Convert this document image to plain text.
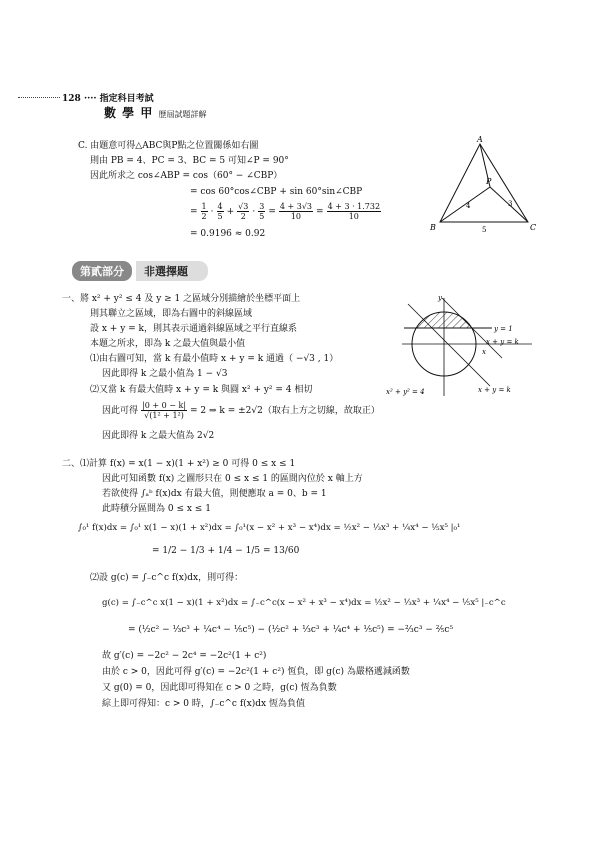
128 ···· 指定科目考試
數 學 甲 歷屆試題詳解
C. 由題意可得△ABC與P點之位置關係如右圖
則由 PB = 4、PC = 3、BC = 5 可知∠P = 90°
因此所求之 cos∠ABP = cos（60° − ∠CBP）
= cos 60°cos∠CBP + sin 60°sin∠CBP
= $\frac{1}{2} \cdot \frac{4}{5} + \frac{√3}{2} \cdot \frac{3}{5} = \frac{4 + 3√3}{10} = \frac{4 + 3 \cdot 1.732}{10}$
= 0.9196 ≈ 0.92
A
B	C
P
4	3
5
第貳部分	非選擇題
一、將 x² + y² ≤ 4 及 y ≥ 1 之區域分別描繪於坐標平面上
則其聯立之區域，即為右圖中的斜線區域
設 x + y = k，則其表示通過斜線區域之平行直線系
本題之所求，即為 k 之最大值與最小值
⑴由右圖可知，當 k 有最小值時 x + y = k 通過（ −√3 , 1）
因此即得 k 之最小值為 1 − √3
⑵又當 k 有最大值時 x + y = k 與圓 x² + y² = 4 相切
因此可得 $\frac{|0 + 0 - k|}{\text{√(1² + 1²)}} = 2$ ⇒ k = ±2√2（取右上方之切線，故取正）
因此即得 k 之最大值為 2√2
y
x
y = 1
x + y = k
x² + y² = 4	x + y = k
二、⑴計算 f(x) = x(1 − x)(1 + x²) ≥ 0 可得 0 ≤ x ≤ 1
因此可知函數 f(x) 之圖形只在 0 ≤ x ≤ 1 的區間內位於 x 軸上方
若欲使得 ∫ₐᵇ f(x)dx 有最大值，則便應取 a = 0、b = 1
此時積分區間為 0 ≤ x ≤ 1
∫₀¹ f(x)dx = ∫₀¹ x(1 − x)(1 + x²)dx = ∫₀¹(x − x² + x³ − x⁴)dx = ½x² − ⅓x³ + ¼x⁴ − ⅕x⁵ |₀¹
= 1/2 − 1/3 + 1/4 − 1/5 = 13/60
⑵設 g(c) = ∫₋c^c f(x)dx，則可得：
g(c) = ∫₋c^c x(1 − x)(1 + x²)dx = ∫₋c^c(x − x² + x³ − x⁴)dx = ½x² − ⅓x³ + ¼x⁴ − ⅕x⁵ |₋c^c
= (½c² − ⅓c³ + ¼c⁴ − ⅕c⁵) − (½c² + ⅓c³ + ¼c⁴ + ⅕c⁵) = −⅔c³ − ⅖c⁵
故 g′(c) = −2c² − 2c⁴ = −2c²(1 + c²)
由於 c > 0，因此可得 g′(c) = −2c²(1 + c²) 恆負，即 g(c) 為嚴格遞減函數
又 g(0) = 0，因此即可得知在 c > 0 之時，g(c) 恆為負數
綜上即可得知：c > 0 時，∫₋c^c f(x)dx 恆為負值
